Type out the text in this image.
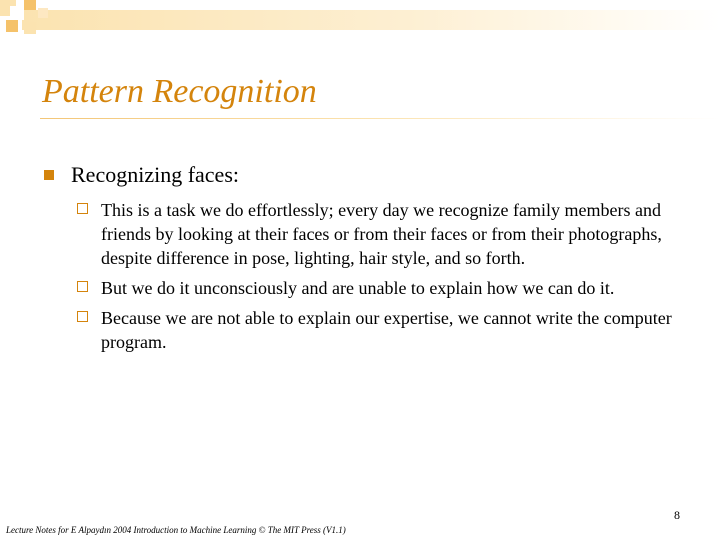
Pattern Recognition
Recognizing faces:
This is a task we do effortlessly; every day we recognize family members and friends by looking at their faces or from their faces or from their photographs, despite difference in pose, lighting, hair style, and so forth.
But we do it unconsciously and are unable to explain how we can do it.
Because we are not able to explain our expertise, we cannot write the computer program.
8
Lecture Notes for E Alpaydın 2004 Introduction to Machine Learning © The MIT Press (V1.1)
